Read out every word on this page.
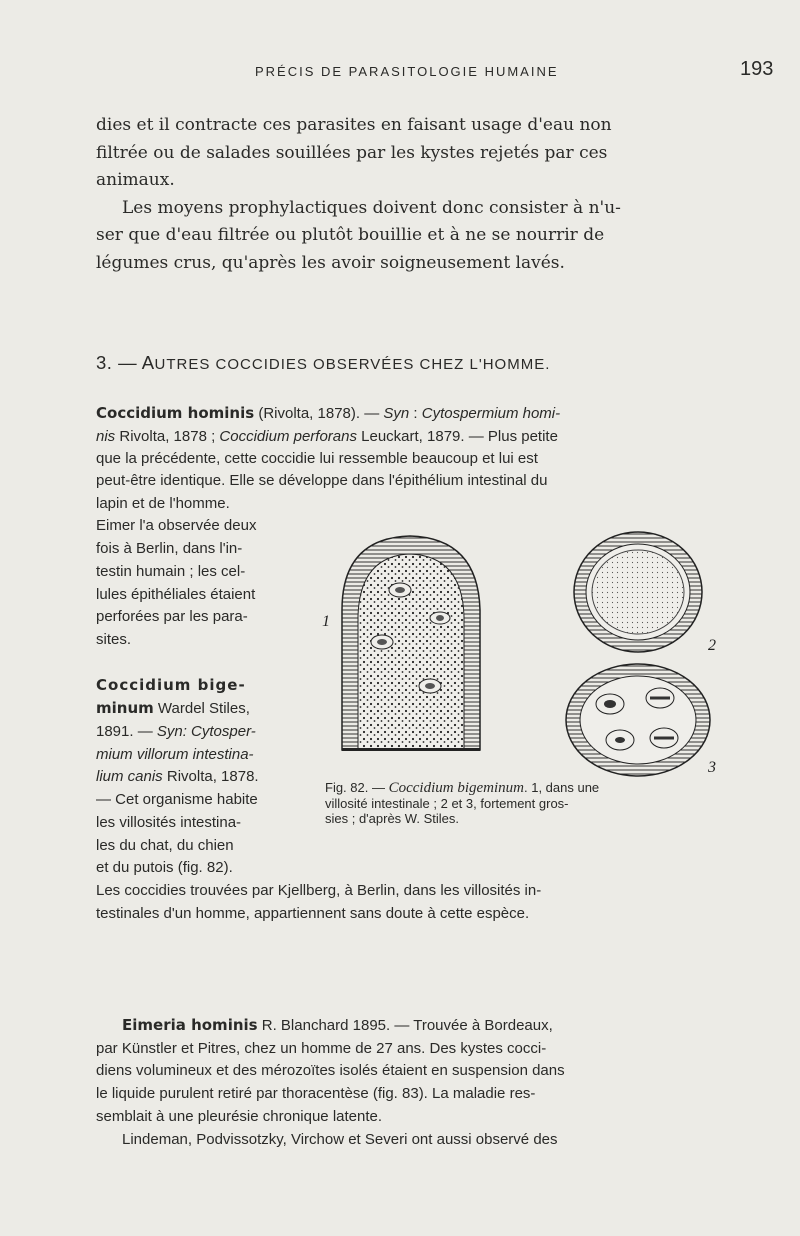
PRÉCIS DE PARASITOLOGIE HUMAINE	193
dies et il contracte ces parasites en faisant usage d'eau non
filtrée ou de salades souillées par les kystes rejetés par ces
animaux.
Les moyens prophylactiques doivent donc consister à n'u-
ser que d'eau filtrée ou plutôt bouillie et à ne se nourrir de
légumes crus, qu'après les avoir soigneusement lavés.
3. — AUTRES COCCIDIES OBSERVÉES CHEZ L'HOMME.
Coccidium hominis (Rivolta, 1878). — Syn : Cytospermium homi-
nis Rivolta, 1878 ; Coccidium perforans Leuckart, 1879. — Plus petite
que la précédente, cette coccidie lui ressemble beaucoup et lui est

peut-être identique. Elle se développe dans l'épithélium intestinal du

lapin et de l'homme.

Eimer l'a observée deux

fois à Berlin, dans l'in-

testin humain ; les cel-

lules épithéliales étaient

perforées par les para-

sites.

Coccidium bige-

minum Wardel Stiles,

1891. — Syn: Cytosper-

mium villorum intestina-

lium canis Rivolta, 1878.

— Cet organisme habite

les villosités intestina-

les du chat, du chien

et du putois (fig. 82).

Les coccidies trouvées par Kjellberg, à Berlin, dans les villosités in-

testinales d'un homme, appartiennent sans doute à cette espèce.

1
2
3
Fig. 82. — Coccidium bigeminum. 1, dans une
villosité intestinale ; 2 et 3, fortement gros-
sies ; d'après W. Stiles.

Eimeria hominis R. Blanchard 1895. — Trouvée à Bordeaux,

par Künstler et Pitres, chez un homme de 27 ans. Des kystes cocci-

diens volumineux et des mérozoïtes isolés étaient en suspension dans

le liquide purulent retiré par thoracentèse (fig. 83). La maladie res-

semblait à une pleurésie chronique latente.

Lindeman, Podvissotzky, Virchow et Severi ont aussi observé des
